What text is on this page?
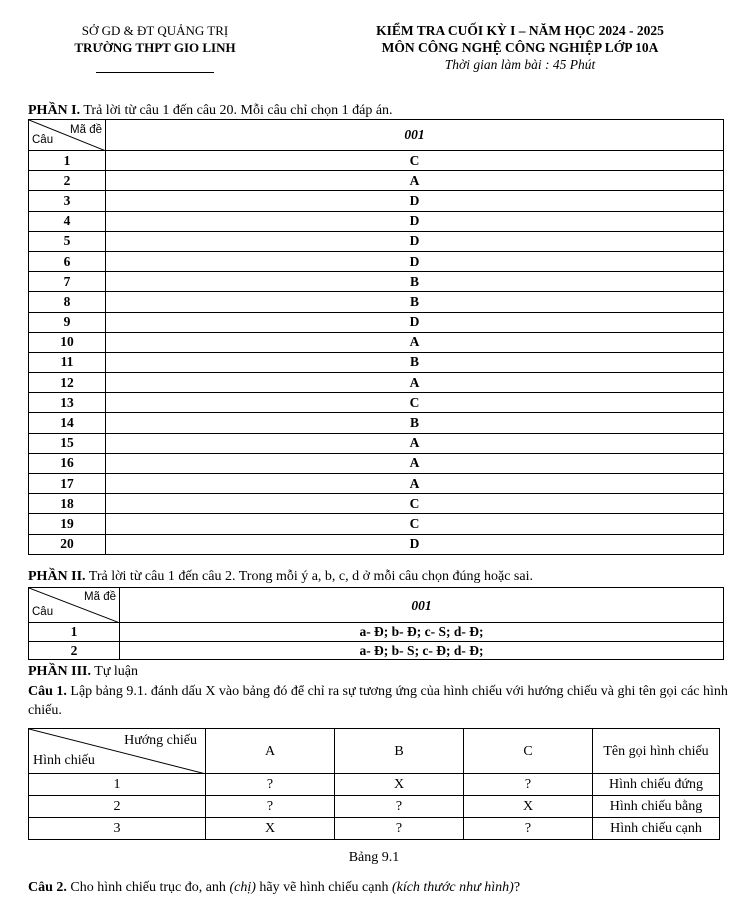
SỞ GD & ĐT QUẢNG TRỊ
TRƯỜNG THPT GIO LINH
KIỂM TRA CUỐI KỲ I – NĂM HỌC 2024 - 2025
MÔN CÔNG NGHỆ CÔNG NGHIỆP LỚP 10A
Thời gian làm bài : 45 Phút
PHẦN I. Trả lời từ câu 1 đến câu 20. Mỗi câu chỉ chọn 1 đáp án.
Mã đề
Câu	001
1	C
2	A
3	D
4	D
5	D
6	D
7	B
8	B
9	D
10	A
11	B
12	A
13	C
14	B
15	A
16	A
17	A
18	C
19	C
20	D
PHẦN II. Trả lời từ câu 1 đến câu 2. Trong mỗi ý a, b, c, d ở mỗi câu chọn đúng hoặc sai.
Mã đề
Câu	001
1	a- Đ; b- Đ; c- S; d- Đ;
2	a- Đ; b- S; c- Đ; d- Đ;
PHẦN III. Tự luận
Câu 1. Lập bảng 9.1. đánh dấu X vào bảng đó để chỉ ra sự tương ứng của hình chiếu với hướng chiếu và ghi tên gọi các hình chiếu.
Hướng chiếu
Hình chiếu	A	B	C	Tên gọi hình chiếu
1	?	X	?	Hình chiếu đứng
2	?	?	X	Hình chiếu bằng
3	X	?	?	Hình chiếu cạnh
Bảng 9.1
Câu 2. Cho hình chiếu trục đo, anh (chị) hãy vẽ hình chiếu cạnh (kích thước như hình)?
